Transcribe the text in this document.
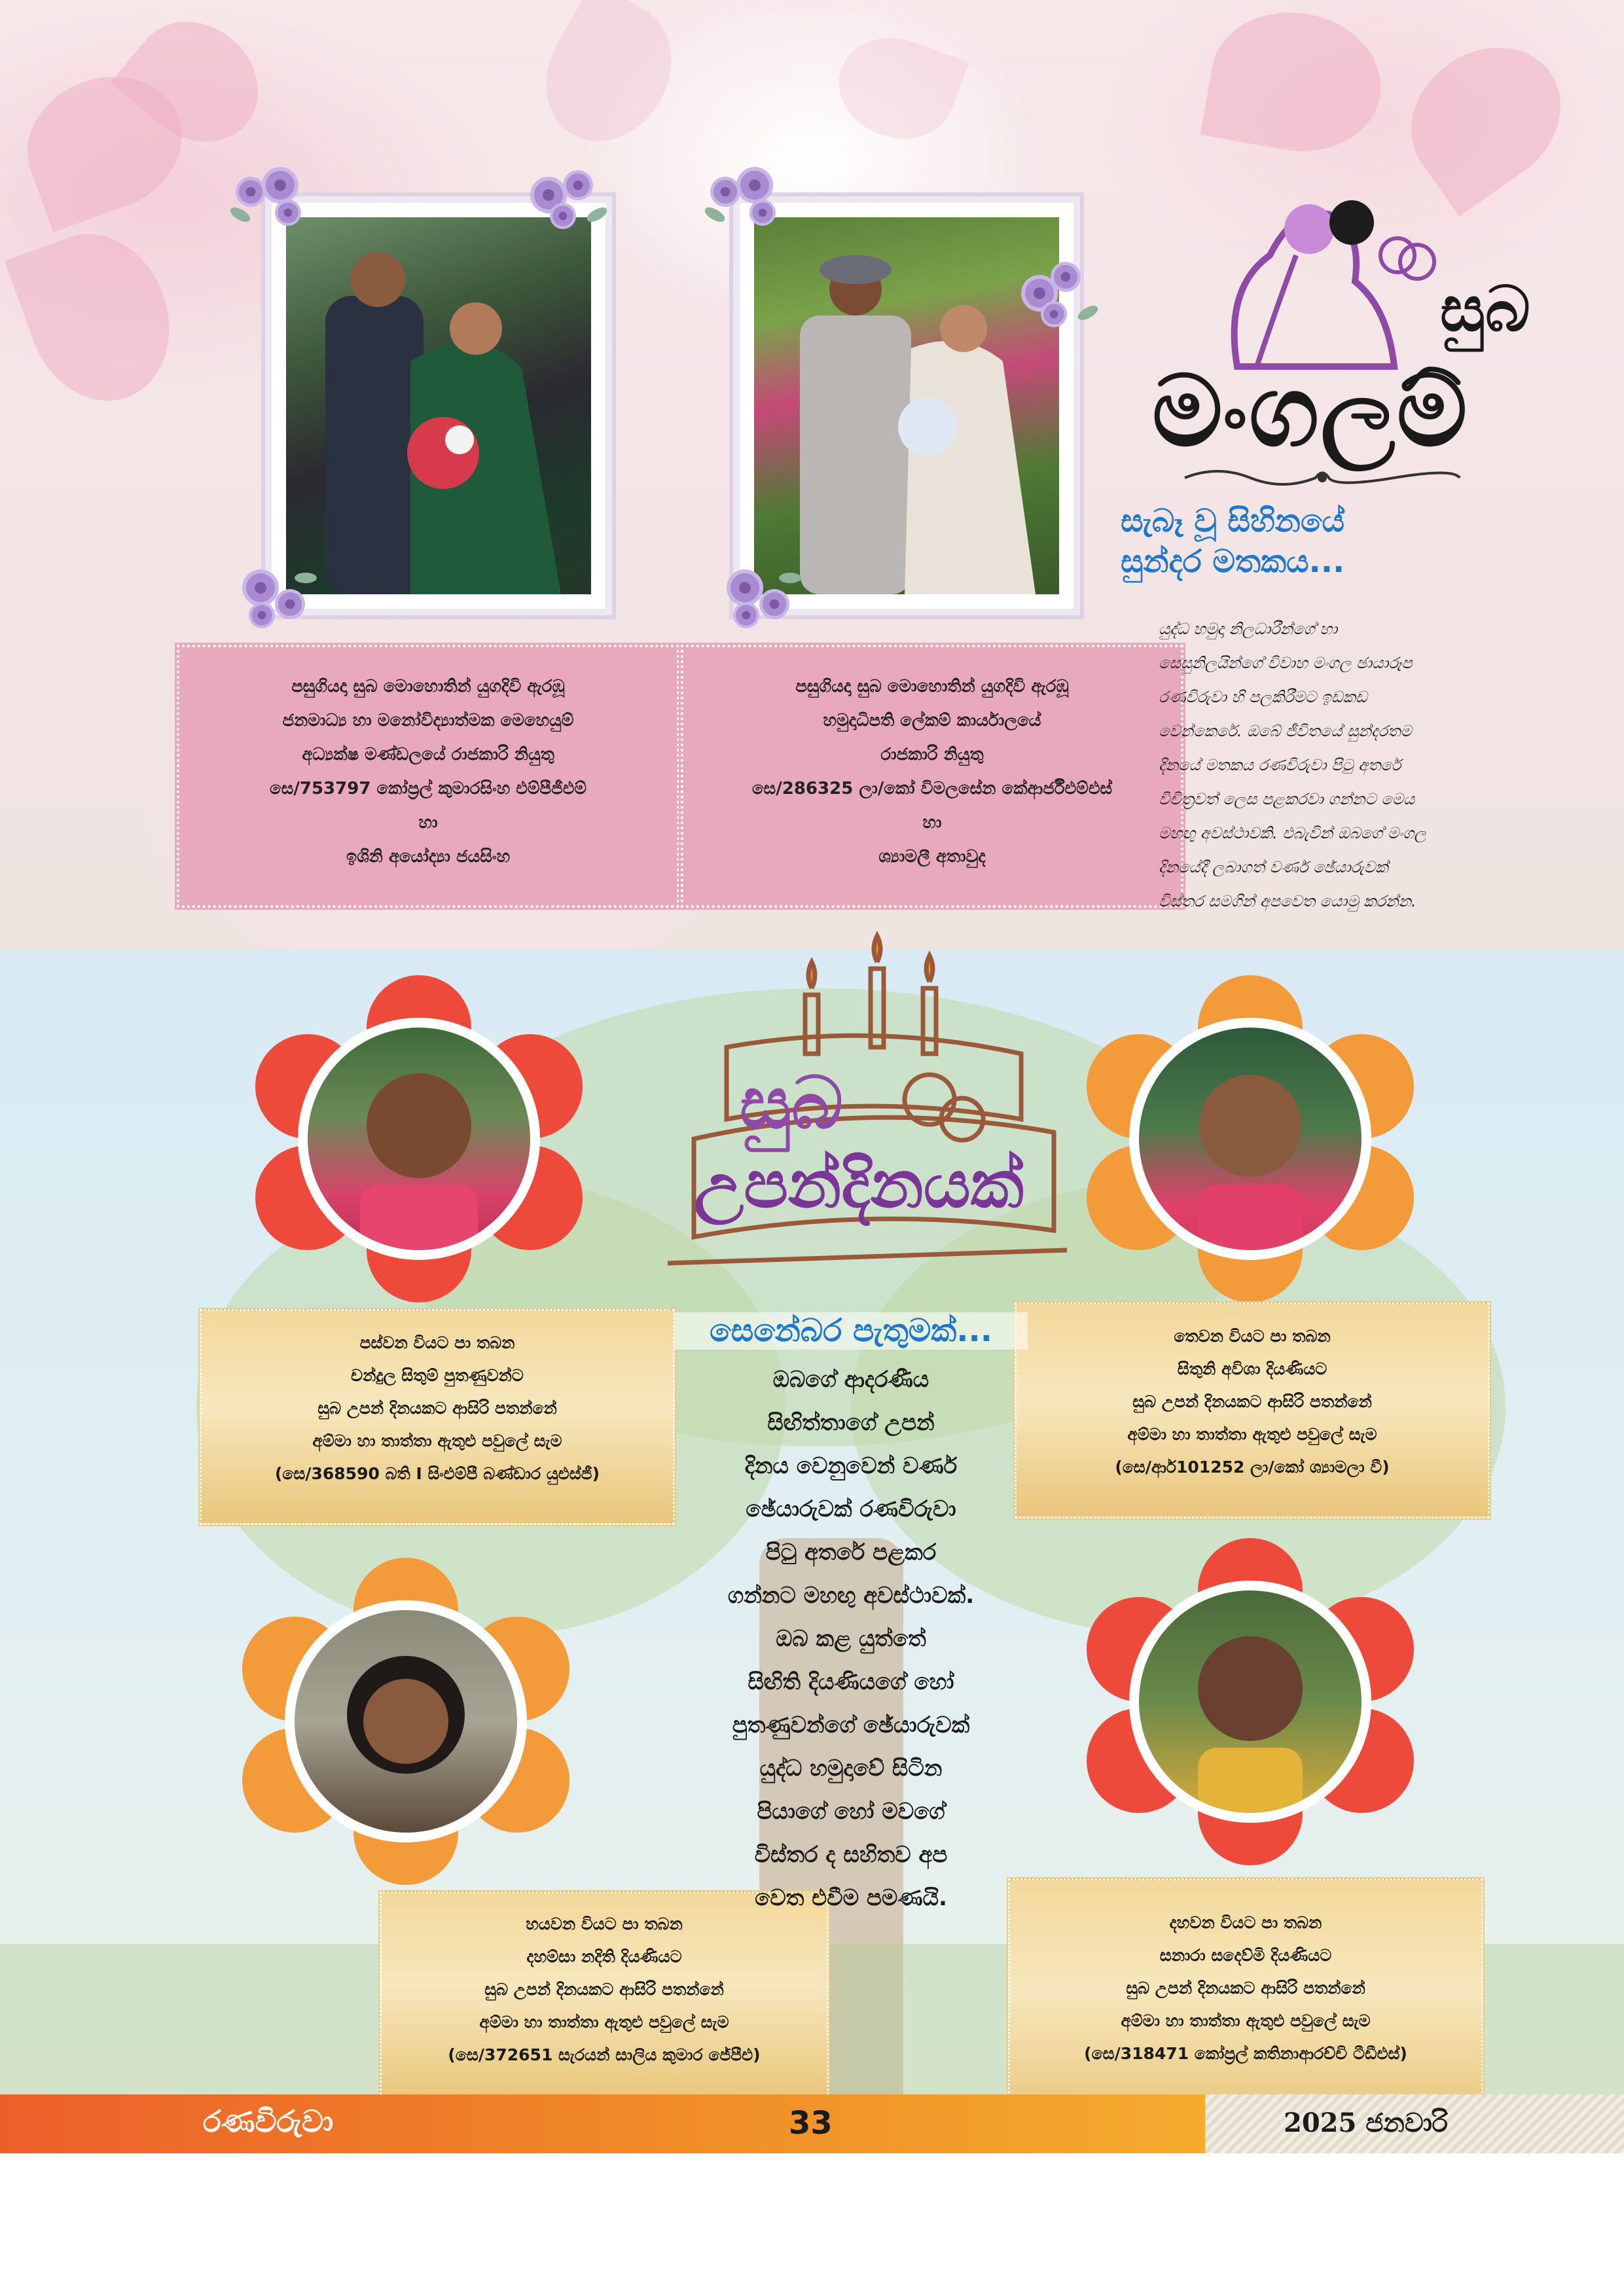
පසුගියදා සුබ මොහොතින් යුගදිවි ඇරඹූ
ජනමාධ්‍ය හා මනෝවිද්‍යාත්මක මෙහෙයුම්
අධ්‍යක්ෂ මණ්ඩලයේ රාජකාරි නියුතු
සෙ/753797 කෝප්‍රල් කුමාරසිංහ එම්පීජීඑම්
හා
ඉශිනි අයෝද්‍යා ජයසිංහ
පසුගියදා සුබ මොහොතින් යුගදිවි ඇරඹූ
හමුදාධිපති ලේකම් කාර්යාලයේ
රාජකාරි නියුතු
සෙ/286325 ලා/කෝ විමලසේන කේආර්ජීඑම්එස්
හා
ශ්‍යාමලී අතාවුද
සුබ
මංගලම්
සැබෑ වූ සිහිනයේ
සුන්දර මතකය...
යුද්ධ හමුදා නිලධාරීන්ගේ හා
සෙසුනිලයින්ගේ විවාහ මංගල ඡායාරූප
රණවිරුවා හි පලකිරීමට ඉඩකඩ
වෙන්කෙරේ. ඔබේ ජීවිතයේ සුන්දරතම
දිනයේ මතකය රණවිරුවා පිටු අතරේ
විචිත්‍රවත් ලෙස පළකරවා ගන්නට මෙය
මහඟු අවස්ථාවකි. එබැවින් ඔබගේ මංගල
දිනයේදී ලබාගත් වර්ණ ඡේයාරුවක්
විස්තර සමගින් අපවෙත යොමු කරන්න.
සුබ
උපන්දිනයක්
පස්වන වියට පා තබන
චන්දුල සිතුම් පුතණුවන්ට
සුබ උපන් දිනයකට ආසිරි පතන්නේ
අම්මා හා තාත්තා ඇතුළු පවුලේ සැම
(සෙ/368590 බති I සිංඑම්පී බණ්ඩාර යුඑස්ජී)
තෙවන වියට පා තබන
සිතුනි අවිශා දියණියට
සුබ උපන් දිනයකට ආසිරි පතන්නේ
අම්මා හා තාත්තා ඇතුළු පවුලේ සැම
(සෙ/ආර්101252 ලා/කෝ ශ්‍යාමලා වී)
හයවන වියට පා තබන
දහම්සා නදිති දියණියට
සුබ උපන් දිනයකට ආසිරි පතන්නේ
අම්මා හා තාත්තා ඇතුළු පවුලේ සැම
(සෙ/372651 සැරයන් සාලිය කුමාර ජේපීඑ)
දහවන වියට පා තබන
සනාරා සදෙව්මි දියණියට
සුබ උපන් දිනයකට ආසිරි පතන්නේ
අම්මා හා තාත්තා ඇතුළු පවුලේ සැම
(සෙ/318471 කෝප්‍රල් කතිනාආරච්චි ටීඩීඑස්)
සෙනේබර පැතුමක්...
ඔබගේ ආදරණීය
සිඟිත්තාගේ උපන්
දිනය වෙනුවෙන් වර්ණ
ඡේයාරුවක් රණවිරුවා
පිටු අතරේ පළකර
ගන්නට මහඟු අවස්ථාවක්.
ඔබ කළ යුත්තේ
සිඟිති දියණියගේ හෝ
පුතණුවන්ගේ ඡේයාරුවක්
යුද්ධ හමුදාවේ සිටින
පියාගේ හෝ මවගේ
විස්තර ද සහිතව අප
වෙත එවීම පමණයි.
රණවිරුවා	33	2025 ජනවාරි
